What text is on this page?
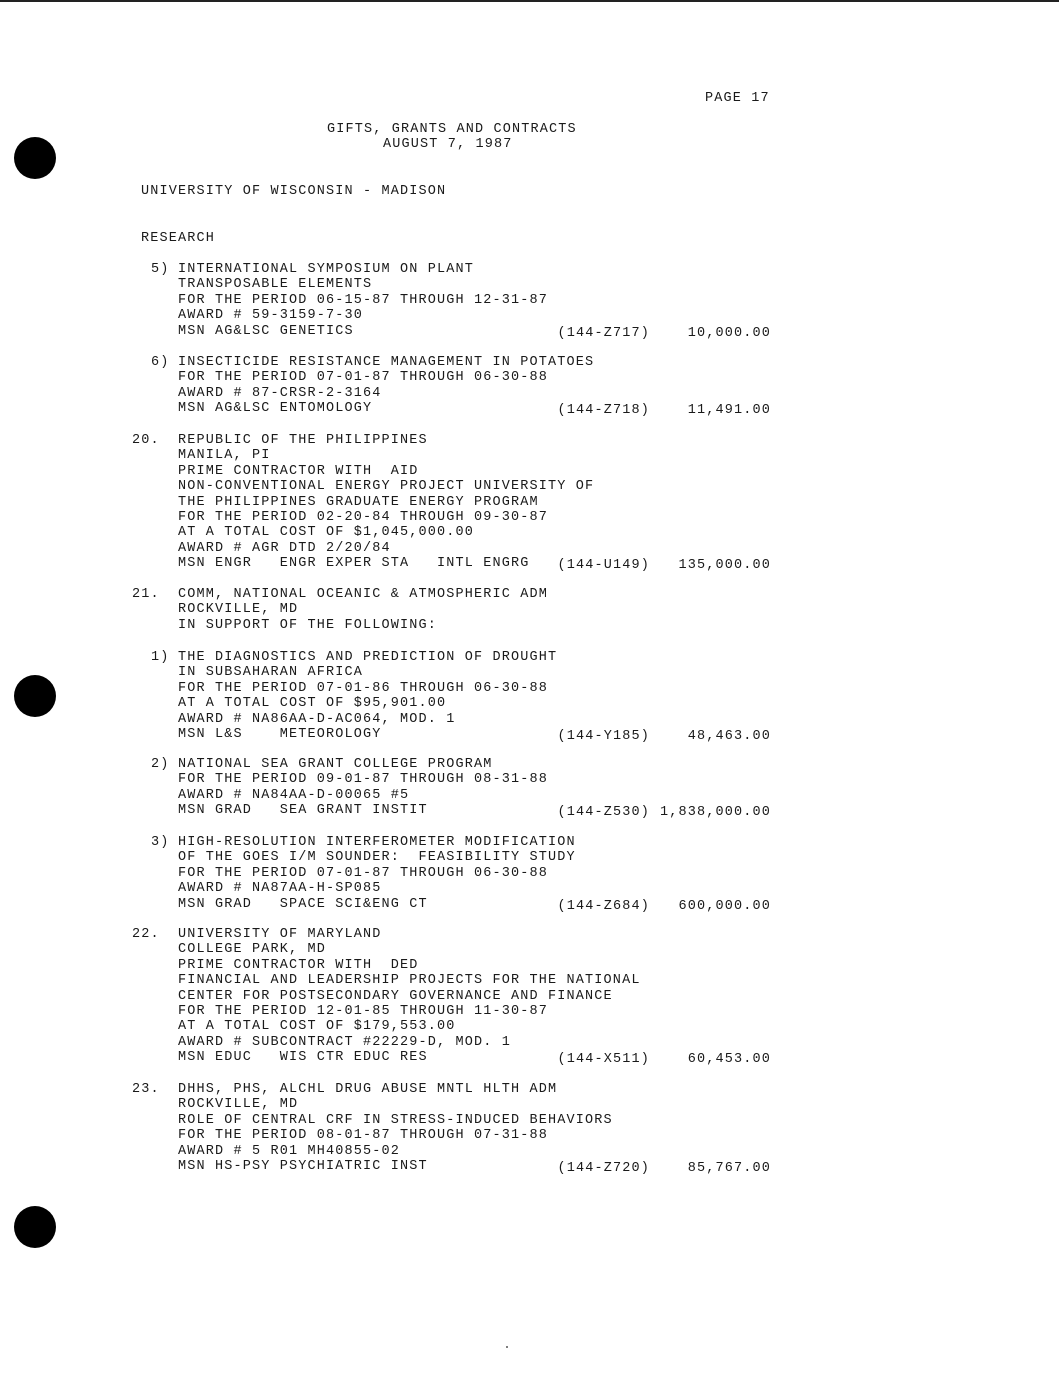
PAGE 17
GIFTS, GRANTS AND CONTRACTS
AUGUST 7, 1987
UNIVERSITY OF WISCONSIN - MADISON
RESEARCH
5) INTERNATIONAL SYMPOSIUM ON PLANT
TRANSPOSABLE ELEMENTS
FOR THE PERIOD 06-15-87 THROUGH 12-31-87
AWARD # 59-3159-7-30
MSN AG&LSC GENETICS	(144-Z717)	10,000.00
6) INSECTICIDE RESISTANCE MANAGEMENT IN POTATOES
FOR THE PERIOD 07-01-87 THROUGH 06-30-88
AWARD # 87-CRSR-2-3164
MSN AG&LSC ENTOMOLOGY	(144-Z718)	11,491.00
20. REPUBLIC OF THE PHILIPPINES
MANILA, PI
PRIME CONTRACTOR WITH  AID
NON-CONVENTIONAL ENERGY PROJECT UNIVERSITY OF
THE PHILIPPINES GRADUATE ENERGY PROGRAM
FOR THE PERIOD 02-20-84 THROUGH 09-30-87
AT A TOTAL COST OF $1,045,000.00
AWARD # AGR DTD 2/20/84
MSN ENGR   ENGR EXPER STA   INTL ENGRG (144-U149) 135,000.00
21. COMM, NATIONAL OCEANIC & ATMOSPHERIC ADM
ROCKVILLE, MD
IN SUPPORT OF THE FOLLOWING:
1) THE DIAGNOSTICS AND PREDICTION OF DROUGHT
IN SUBSAHARAN AFRICA
FOR THE PERIOD 07-01-86 THROUGH 06-30-88
AT A TOTAL COST OF $95,901.00
AWARD # NA86AA-D-AC064, MOD. 1
MSN L&S    METEOROLOGY	(144-Y185)	48,463.00
2) NATIONAL SEA GRANT COLLEGE PROGRAM
FOR THE PERIOD 09-01-87 THROUGH 08-31-88
AWARD # NA84AA-D-00065 #5
MSN GRAD   SEA GRANT INSTIT	(144-Z530) 1,838,000.00
3) HIGH-RESOLUTION INTERFEROMETER MODIFICATION
OF THE GOES I/M SOUNDER:  FEASIBILITY STUDY
FOR THE PERIOD 07-01-87 THROUGH 06-30-88
AWARD # NA87AA-H-SP085
MSN GRAD   SPACE SCI&ENG CT	(144-Z684) 600,000.00
22. UNIVERSITY OF MARYLAND
COLLEGE PARK, MD
PRIME CONTRACTOR WITH  DED
FINANCIAL AND LEADERSHIP PROJECTS FOR THE NATIONAL
CENTER FOR POSTSECONDARY GOVERNANCE AND FINANCE
FOR THE PERIOD 12-01-85 THROUGH 11-30-87
AT A TOTAL COST OF $179,553.00
AWARD # SUBCONTRACT #22229-D, MOD. 1
MSN EDUC   WIS CTR EDUC RES	(144-X511)	60,453.00
23. DHHS, PHS, ALCHL DRUG ABUSE MNTL HLTH ADM
ROCKVILLE, MD
ROLE OF CENTRAL CRF IN STRESS-INDUCED BEHAVIORS
FOR THE PERIOD 08-01-87 THROUGH 07-31-88
AWARD # 5 R01 MH40855-02
MSN HS-PSY PSYCHIATRIC INST	(144-Z720)	85,767.00
